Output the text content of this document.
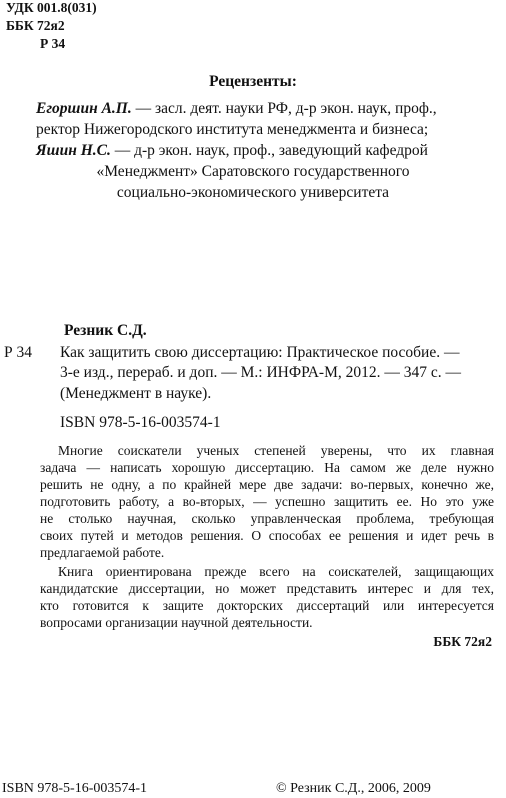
УДК 001.8(031)
ББК 72я2
Р 34
Рецензенты:
Егоршин А.П. — засл. деят. науки РФ, д-р экон. наук, проф.,
ректор Нижегородского института менеджмента и бизнеса;
Яшин Н.С. — д-р экон. наук, проф., заведующий кафедрой
«Менеджмент» Саратовского государственного
социально-экономического университета
Резник С.Д.
Р 34 Как защитить свою диссертацию: Практическое пособие. —
3-е изд., перераб. и доп. — М.: ИНФРА-М, 2012. — 347 с. —
(Менеджмент в науке).
ISBN 978-5-16-003574-1
Многие соискатели ученых степеней уверены, что их главная
задача — написать хорошую диссертацию. На самом же деле нужно
решить не одну, а по крайней мере две задачи: во-первых, конечно же,
подготовить работу, а во-вторых, — успешно защитить ее. Но это уже
не столько научная, сколько управленческая проблема, требующая
своих путей и методов решения. О способах ее решения и идет речь в
предлагаемой работе.
Книга ориентирована прежде всего на соискателей, защищающих
кандидатские диссертации, но может представить интерес и для тех,
кто готовится к защите докторских диссертаций или интересуется
вопросами организации научной деятельности.
ББК 72я2
ISBN 978-5-16-003574-1	© Резник С.Д., 2006, 2009
